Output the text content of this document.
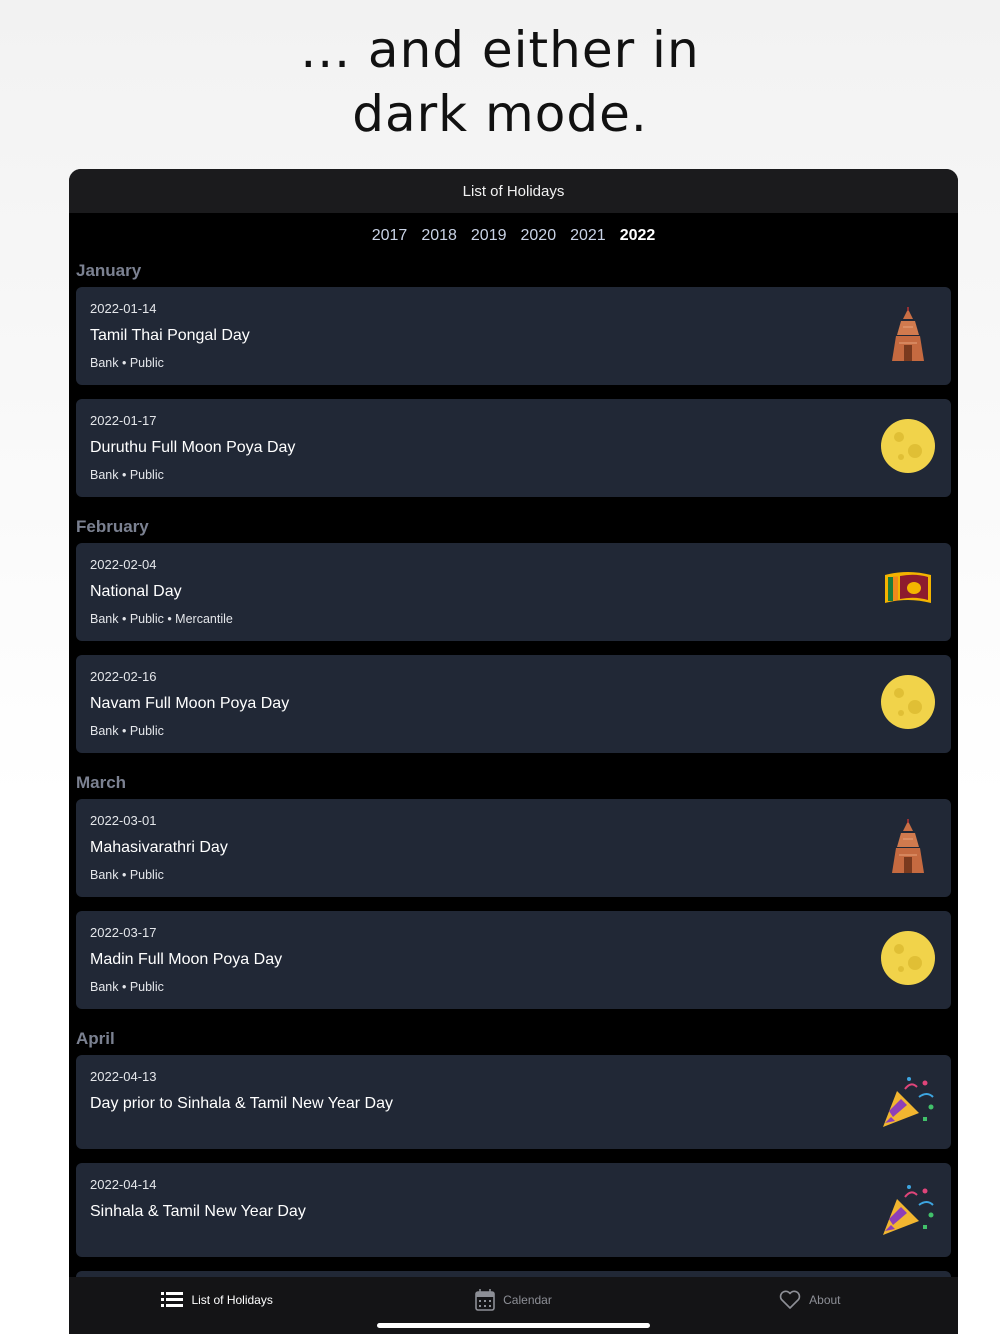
... and either in
dark mode.
List of Holidays
2017 2018 2019 2020 2021 2022
January
2022-01-14
Tamil Thai Pongal Day
Bank • Public
2022-01-17
Duruthu Full Moon Poya Day
Bank • Public
February
2022-02-04
National Day
Bank • Public • Mercantile
2022-02-16
Navam Full Moon Poya Day
Bank • Public
March
2022-03-01
Mahasivarathri Day
Bank • Public
2022-03-17
Madin Full Moon Poya Day
Bank • Public
April
2022-04-13
Day prior to Sinhala & Tamil New Year Day
2022-04-14
Sinhala & Tamil New Year Day
List of Holidays	Calendar	About
